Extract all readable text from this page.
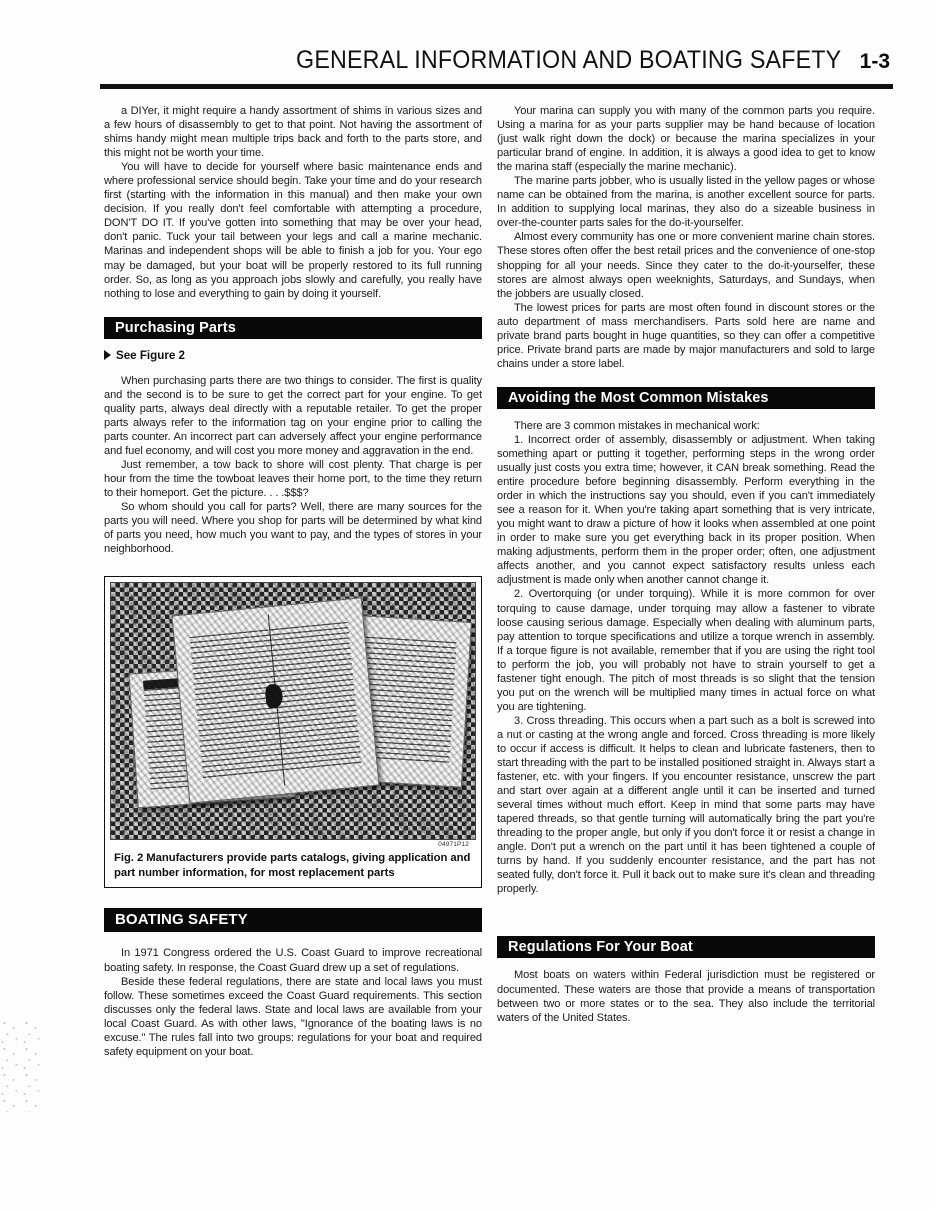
GENERAL INFORMATION AND BOATING SAFETY 1-3

a DIYer, it might require a handy assortment of shims in various sizes and a few hours of disassembly to get to that point. Not having the assortment of shims handy might mean multiple trips back and forth to the parts store, and this might not be worth your time.

You will have to decide for yourself where basic maintenance ends and where professional service should begin. Take your time and do your research first (starting with the information in this manual) and then make your own decision. If you really don't feel comfortable with attempting a procedure, DON'T DO IT. If you've gotten into something that may be over your head, don't panic. Tuck your tail between your legs and call a marine mechanic. Marinas and independent shops will be able to finish a job for you. Your ego may be damaged, but your boat will be properly restored to its full running order. So, as long as you approach jobs slowly and carefully, you really have nothing to lose and everything to gain by doing it yourself.

Purchasing Parts
See Figure 2

When purchasing parts there are two things to consider. The first is quality and the second is to be sure to get the correct part for your engine. To get quality parts, always deal directly with a reputable retailer. To get the proper parts always refer to the information tag on your engine prior to calling the parts counter. An incorrect part can adversely affect your engine performance and fuel economy, and will cost you more money and aggravation in the end.

Just remember, a tow back to shore will cost plenty. That charge is per hour from the time the towboat leaves their home port, to the time they return to their homeport. Get the picture. . . .$$$?

So whom should you call for parts? Well, there are many sources for the parts you will need. Where you shop for parts will be determined by what kind of parts you need, how much you want to pay, and the types of stores in your neighborhood.

04971P12
Fig. 2 Manufacturers provide parts catalogs, giving application and part number information, for most replacement parts
BOATING SAFETY

In 1971 Congress ordered the U.S. Coast Guard to improve recreational boating safety. In response, the Coast Guard drew up a set of regulations.

Beside these federal regulations, there are state and local laws you must follow. These sometimes exceed the Coast Guard requirements. This section discusses only the federal laws. State and local laws are available from your local Coast Guard. As with other laws, "Ignorance of the boating laws is no excuse." The rules fall into two groups: regulations for your boat and required safety equipment on your boat.

Your marina can supply you with many of the common parts you require. Using a marina for as your parts supplier may be hand because of location (just walk right down the dock) or because the marina specializes in your particular brand of engine. In addition, it is always a good idea to get to know the marina staff (especially the marine mechanic).

The marine parts jobber, who is usually listed in the yellow pages or whose name can be obtained from the marina, is another excellent source for parts. In addition to supplying local marinas, they also do a sizeable business in over-the-counter parts sales for the do-it-yourselfer.

Almost every community has one or more convenient marine chain stores. These stores often offer the best retail prices and the convenience of one-stop shopping for all your needs. Since they cater to the do-it-yourselfer, these stores are almost always open weeknights, Saturdays, and Sundays, when the jobbers are usually closed.

The lowest prices for parts are most often found in discount stores or the auto department of mass merchandisers. Parts sold here are name and private brand parts bought in huge quantities, so they can offer a competitive price. Private brand parts are made by major manufacturers and sold to large chains under a store label.

Avoiding the Most Common Mistakes

There are 3 common mistakes in mechanical work:

1. Incorrect order of assembly, disassembly or adjustment. When taking something apart or putting it together, performing steps in the wrong order usually just costs you extra time; however, it CAN break something. Read the entire procedure before beginning disassembly. Perform everything in the order in which the instructions say you should, even if you can't immediately see a reason for it. When you're taking apart something that is very intricate, you might want to draw a picture of how it looks when assembled at one point in order to make sure you get everything back in its proper position. When making adjustments, perform them in the proper order; often, one adjustment affects another, and you cannot expect satisfactory results unless each adjustment is made only when another cannot change it.

2. Overtorquing (or under torquing). While it is more common for over torquing to cause damage, under torquing may allow a fastener to vibrate loose causing serious damage. Especially when dealing with aluminum parts, pay attention to torque specifications and utilize a torque wrench in assembly. If a torque figure is not available, remember that if you are using the right tool to perform the job, you will probably not have to strain yourself to get a fastener tight enough. The pitch of most threads is so slight that the tension you put on the wrench will be multiplied many times in actual force on what you are tightening.

3. Cross threading. This occurs when a part such as a bolt is screwed into a nut or casting at the wrong angle and forced. Cross threading is more likely to occur if access is difficult. It helps to clean and lubricate fasteners, then to start threading with the part to be installed positioned straight in. Always start a fastener, etc. with your fingers. If you encounter resistance, unscrew the part and start over again at a different angle until it can be inserted and turned several times without much effort. Keep in mind that some parts may have tapered threads, so that gentle turning will automatically bring the part you're threading to the proper angle, but only if you don't force it or resist a change in angle. Don't put a wrench on the part until it has been tightened a couple of turns by hand. If you suddenly encounter resistance, and the part has not seated fully, don't force it. Pull it back out to make sure it's clean and threading properly.

Regulations For Your Boat

Most boats on waters within Federal jurisdiction must be registered or documented. These waters are those that provide a means of transportation between two or more states or to the sea. They also include the territorial waters of the United States.
